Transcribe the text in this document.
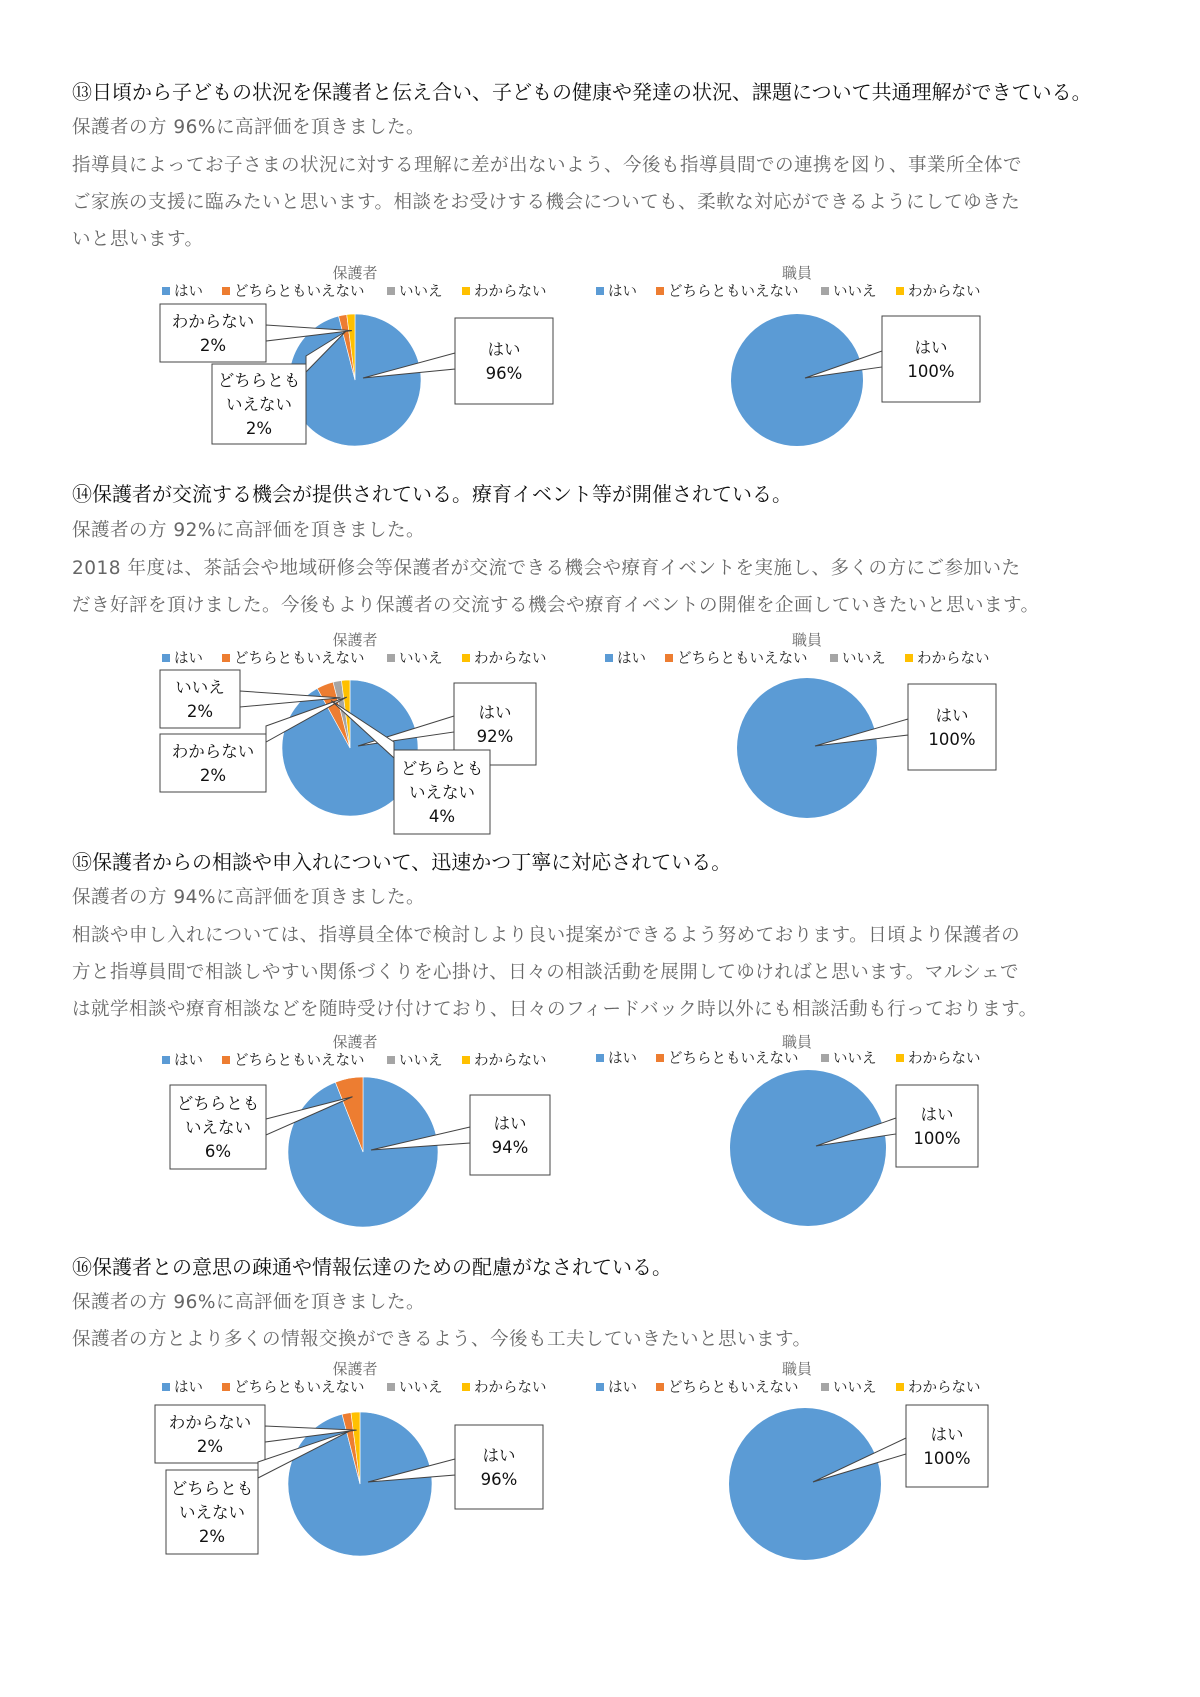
⑬日頃から子どもの状況を保護者と伝え合い、子どもの健康や発達の状況、課題について共通理解ができている。
保護者の方 96%に高評価を頂きました。
指導員によってお子さまの状況に対する理解に差が出ないよう、今後も指導員間での連携を図り、事業所全体で
ご家族の支援に臨みたいと思います。相談をお受けする機会についても、柔軟な対応ができるようにしてゆきた
いと思います。
⑭保護者が交流する機会が提供されている。療育イベント等が開催されている。
保護者の方 92%に高評価を頂きました。
2018 年度は、茶話会や地域研修会等保護者が交流できる機会や療育イベントを実施し、多くの方にご参加いた
だき好評を頂けました。今後もより保護者の交流する機会や療育イベントの開催を企画していきたいと思います。
⑮保護者からの相談や申入れについて、迅速かつ丁寧に対応されている。
保護者の方 94%に高評価を頂きました。
相談や申し入れについては、指導員全体で検討しより良い提案ができるよう努めております。日頃より保護者の
方と指導員間で相談しやすい関係づくりを心掛け、日々の相談活動を展開してゆければと思います。マルシェで
は就学相談や療育相談などを随時受け付けており、日々のフィードバック時以外にも相談活動も行っております。
⑯保護者との意思の疎通や情報伝達のための配慮がなされている。
保護者の方 96%に高評価を頂きました。
保護者の方とより多くの情報交換ができるよう、今後も工夫していきたいと思います。
保護者
はい どちらともいえない いいえ わからない
はい
96%
わからない
2%
どちらとも
いえない
2%
職員
はい どちらともいえない いいえ わからない
はい
100%
保護者
はい どちらともいえない いいえ わからない
はい
92%
いいえ
2%
わからない
2%	どちらとも
いえない
4%
職員
はい どちらともいえない いいえ わからない
はい
100%
保護者
はい どちらともいえない いいえ わからない
はい
94%
どちらとも
いえない
6%
職員
はい どちらともいえない いいえ わからない
はい
100%
保護者
はい どちらともいえない いいえ わからない
はい
96%
わからない
2%
どちらとも
いえない
2%
職員
はい どちらともいえない いいえ わからない
はい
100%
